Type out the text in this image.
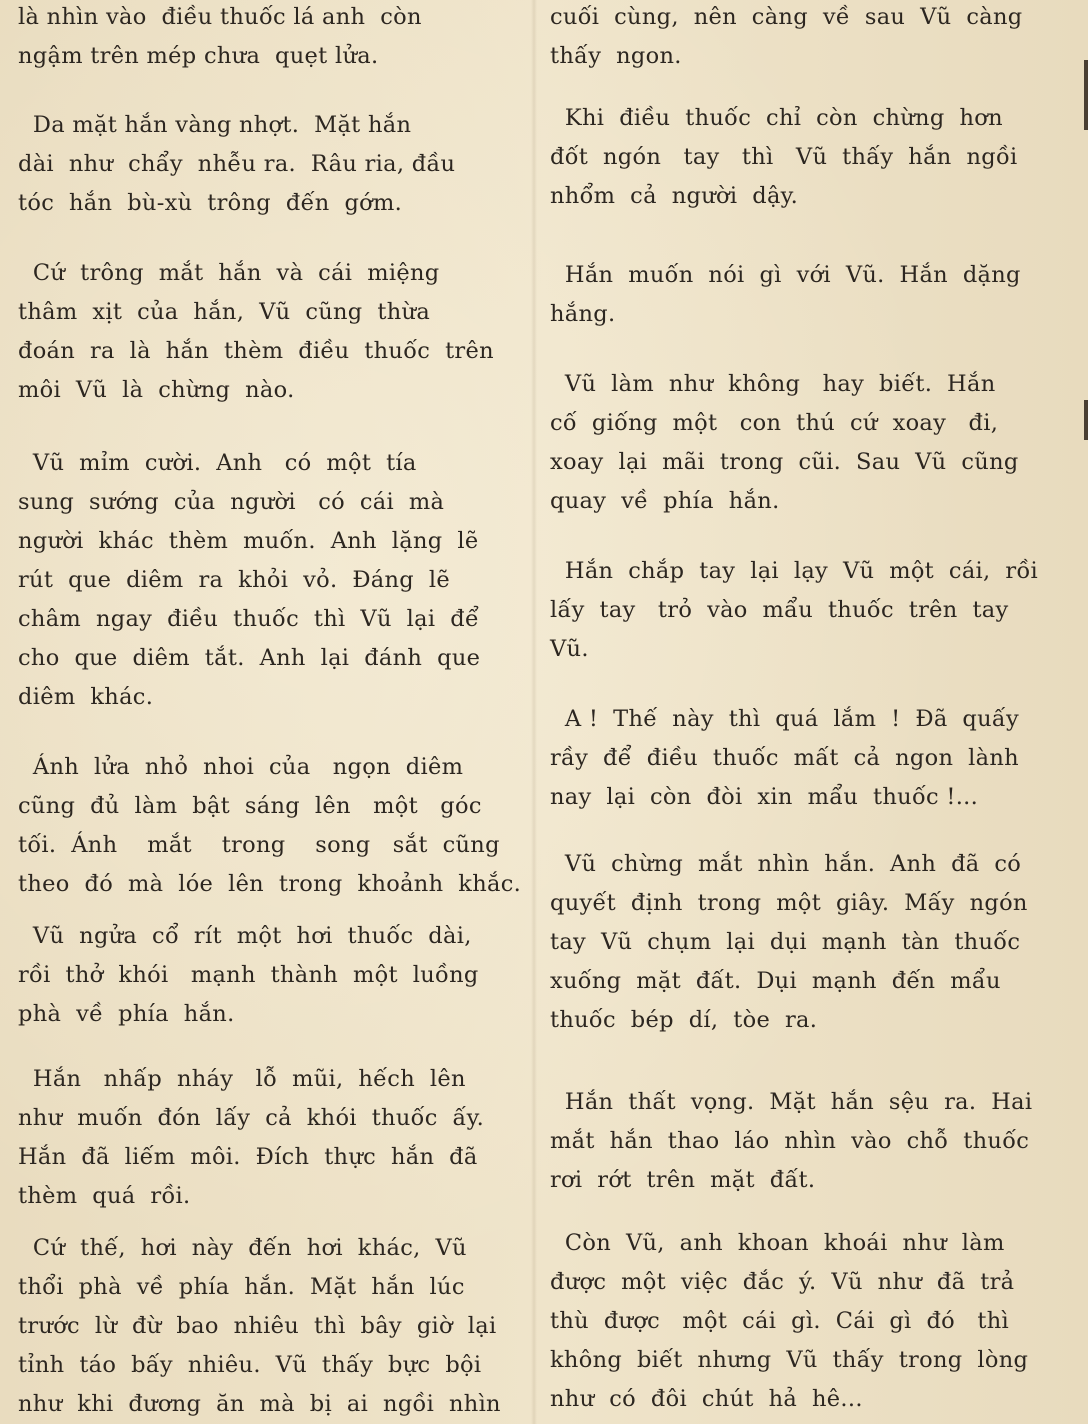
là nhìn vào  điều thuốc lá anh  còn
ngậm trên mép chưa  quẹt lửa.
Da mặt hắn vàng nhợt.  Mặt hắn
dài  như  chẩy  nhễu ra.  Râu ria, đầu
tóc  hắn  bù-xù  trông  đến  gớm.
Cứ  trông  mắt  hắn  và  cái  miệng
thâm  xịt  của  hắn,  Vũ  cũng  thừa
đoán  ra  là  hắn  thèm  điều  thuốc  trên
môi  Vũ  là  chừng  nào.
Vũ  mỉm  cười.  Anh   có  một  tía
sung  sướng  của  người   có  cái  mà
người  khác  thèm  muốn.  Anh  lặng  lẽ
rút  que  diêm  ra  khỏi  vỏ.  Đáng  lẽ
châm  ngay  điều  thuốc  thì  Vũ  lại  để
cho  que  diêm  tắt.  Anh  lại  đánh  que
diêm  khác.
Ánh  lửa  nhỏ  nhoi  của   ngọn  diêm
cũng  đủ  làm  bật  sáng  lên   một   góc
tối.  Ánh    mắt    trong    song   sắt  cũng
theo  đó  mà  lóe  lên  trong  khoảnh  khắc.
Vũ  ngửa  cổ  rít  một  hơi  thuốc  dài,
rồi  thở  khói   mạnh  thành  một  luồng
phà  về  phía  hắn.
Hắn   nhấp  nháy   lỗ  mũi,  hếch  lên
như  muốn  đón  lấy  cả  khói  thuốc  ấy.
Hắn  đã  liếm  môi.  Đích  thực  hắn  đã
thèm  quá  rồi.
Cứ  thế,  hơi  này  đến  hơi  khác,  Vũ
thổi  phà  về  phía  hắn.  Mặt  hắn  lúc
trước  lừ  đừ  bao  nhiêu  thì  bây  giờ  lại
tỉnh  táo  bấy  nhiêu.  Vũ  thấy  bực  bội
như  khi  đương  ăn  mà  bị  ai  ngồi  nhìn
cuối  cùng,  nên  càng  về  sau  Vũ  càng
thấy  ngon.
Khi  điều  thuốc  chỉ  còn  chừng  hơn
đốt  ngón   tay   thì   Vũ  thấy  hắn  ngồi
nhổm  cả  người  dậy.
Hắn  muốn  nói  gì  với  Vũ.  Hắn  dặng
hắng.
Vũ  làm  như  không   hay  biết.  Hắn
cố  giống  một   con  thú  cứ  xoay   đi,
xoay  lại  mãi  trong  cũi.  Sau  Vũ  cũng
quay  về  phía  hắn.
Hắn  chắp  tay  lại  lạy  Vũ  một  cái,  rồi
lấy  tay   trỏ  vào  mẩu  thuốc  trên  tay
Vũ.
A !  Thế  này  thì  quá  lắm  !  Đã  quấy
rầy  để  điều  thuốc  mất  cả  ngon  lành
nay  lại  còn  đòi  xin  mẩu  thuốc !...
Vũ  chừng  mắt  nhìn  hắn.  Anh  đã  có
quyết  định  trong  một  giây.  Mấy  ngón
tay  Vũ  chụm  lại  dụi  mạnh  tàn  thuốc
xuống  mặt  đất.  Dụi  mạnh  đến  mẩu
thuốc  bép  dí,  tòe  ra.
Hắn  thất  vọng.  Mặt  hắn  sệu  ra.  Hai
mắt  hắn  thao  láo  nhìn  vào  chỗ  thuốc
rơi  rớt  trên  mặt  đất.
Còn  Vũ,  anh  khoan  khoái  như  làm
được  một  việc  đắc  ý.  Vũ  như  đã  trả
thù  được   một  cái  gì.  Cái  gì  đó   thì
không  biết  nhưng  Vũ  thấy  trong  lòng
như  có  đôi  chút  hả  hê...
